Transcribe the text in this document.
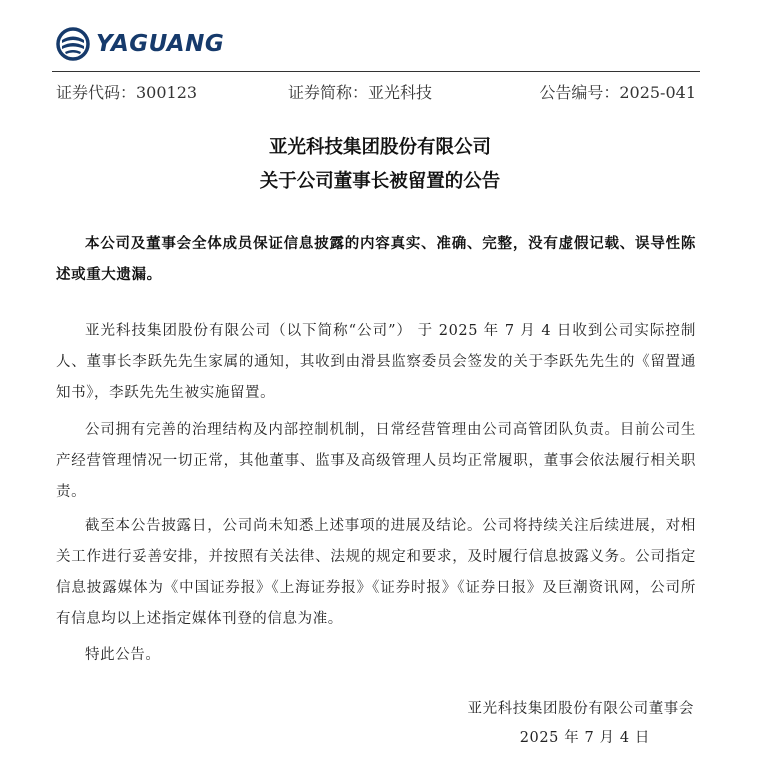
YAGUANG
证券代码：300123	证券简称：亚光科技	公告编号：2025-041
亚光科技集团股份有限公司
关于公司董事长被留置的公告

本公司及董事会全体成员保证信息披露的内容真实、准确、完整，没有虚假记载、误导性陈述或重大遗漏。

亚光科技集团股份有限公司（以下简称“公司”） 于 2025 年 7 月 4 日收到公司实际控制人、董事长李跃先先生家属的通知，其收到由滑县监察委员会签发的关于李跃先先生的《留置通知书》，李跃先先生被实施留置。

公司拥有完善的治理结构及内部控制机制，日常经营管理由公司高管团队负责。目前公司生产经营管理情况一切正常，其他董事、监事及高级管理人员均正常履职，董事会依法履行相关职责。

截至本公告披露日，公司尚未知悉上述事项的进展及结论。公司将持续关注后续进展，对相关工作进行妥善安排，并按照有关法律、法规的规定和要求，及时履行信息披露义务。公司指定信息披露媒体为《中国证券报》《上海证券报》《证券时报》《证券日报》及巨潮资讯网，公司所有信息均以上述指定媒体刊登的信息为准。

特此公告。

亚光科技集团股份有限公司董事会
2025 年 7 月 4 日
